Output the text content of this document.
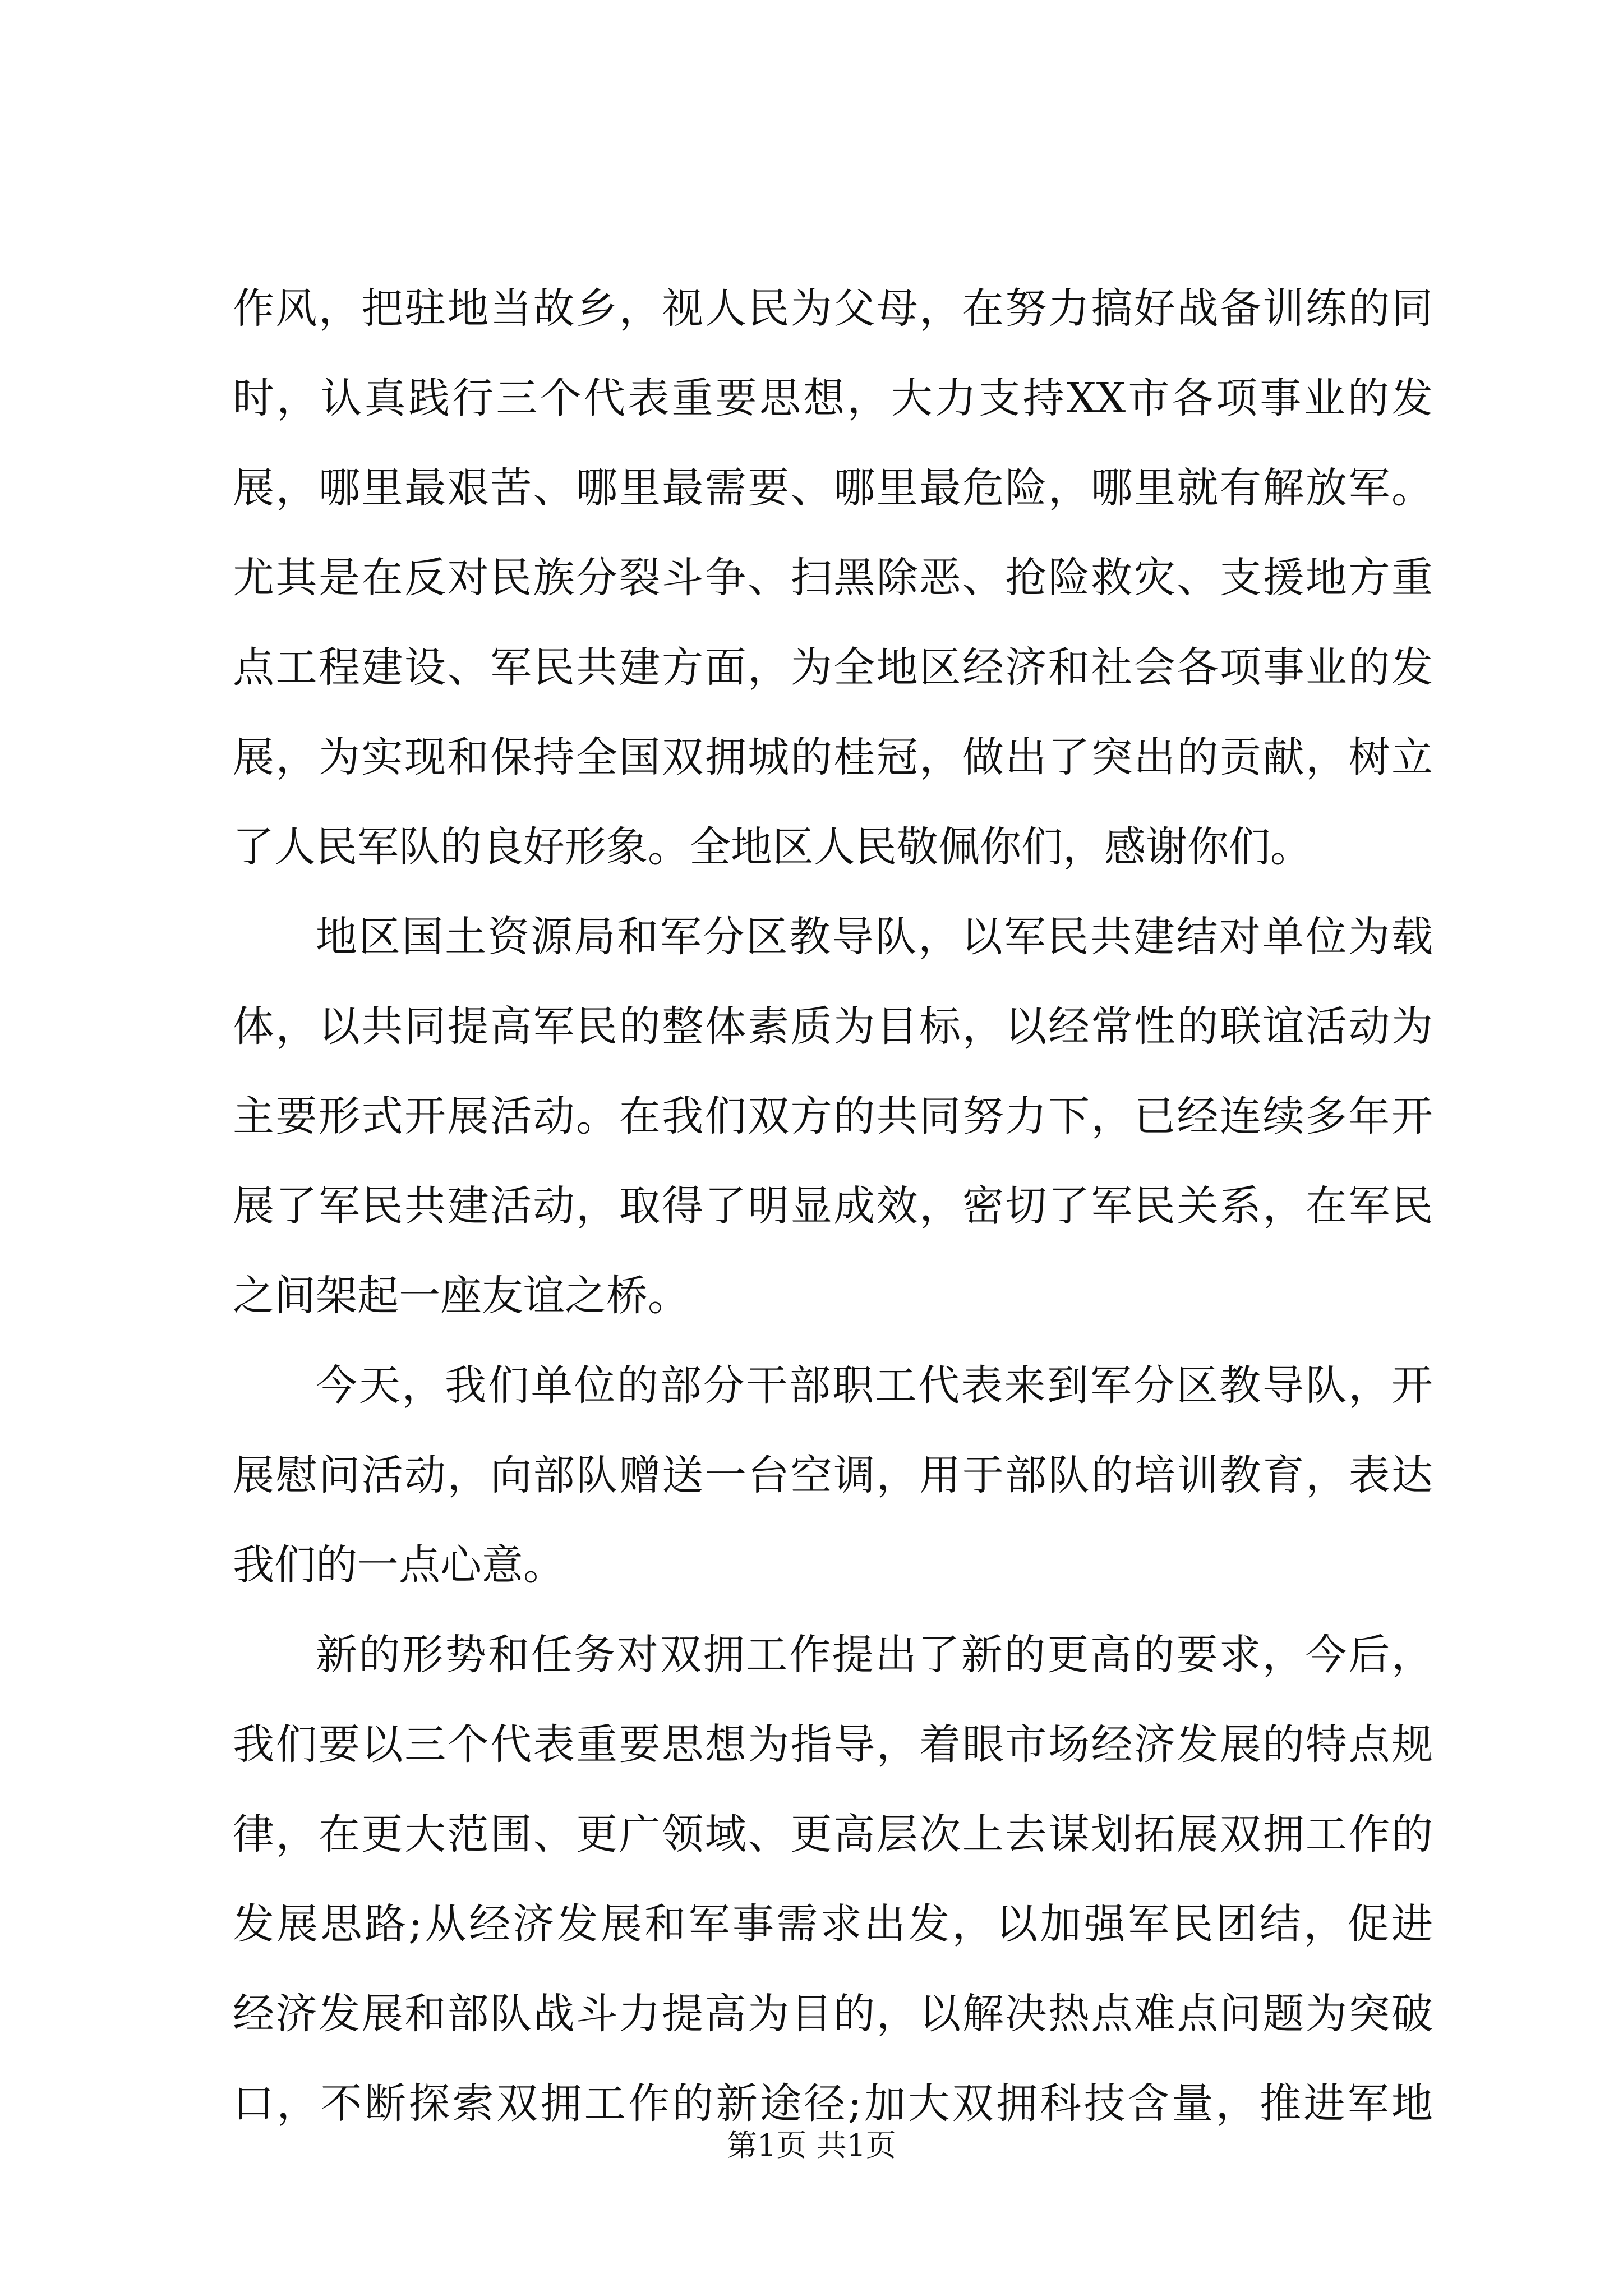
作风，把驻地当故乡，视人民为父母，在努力搞好战备训练的同
时，认真践行三个代表重要思想，大力支持XX市各项事业的发
展，哪里最艰苦、哪里最需要、哪里最危险，哪里就有解放军。
尤其是在反对民族分裂斗争、扫黑除恶、抢险救灾、支援地方重
点工程建设、军民共建方面，为全地区经济和社会各项事业的发
展，为实现和保持全国双拥城的桂冠，做出了突出的贡献，树立
了人民军队的良好形象。全地区人民敬佩你们，感谢你们。
地区国土资源局和军分区教导队，以军民共建结对单位为载
体，以共同提高军民的整体素质为目标，以经常性的联谊活动为
主要形式开展活动。在我们双方的共同努力下，已经连续多年开
展了军民共建活动，取得了明显成效，密切了军民关系，在军民
之间架起一座友谊之桥。
今天，我们单位的部分干部职工代表来到军分区教导队，开
展慰问活动，向部队赠送一台空调，用于部队的培训教育，表达
我们的一点心意。
新的形势和任务对双拥工作提出了新的更高的要求，今后，
我们要以三个代表重要思想为指导，着眼市场经济发展的特点规
律，在更大范围、更广领域、更高层次上去谋划拓展双拥工作的
发展思路;从经济发展和军事需求出发，以加强军民团结，促进
经济发展和部队战斗力提高为目的，以解决热点难点问题为突破
口，不断探索双拥工作的新途径;加大双拥科技含量，推进军地
第1页 共1页
